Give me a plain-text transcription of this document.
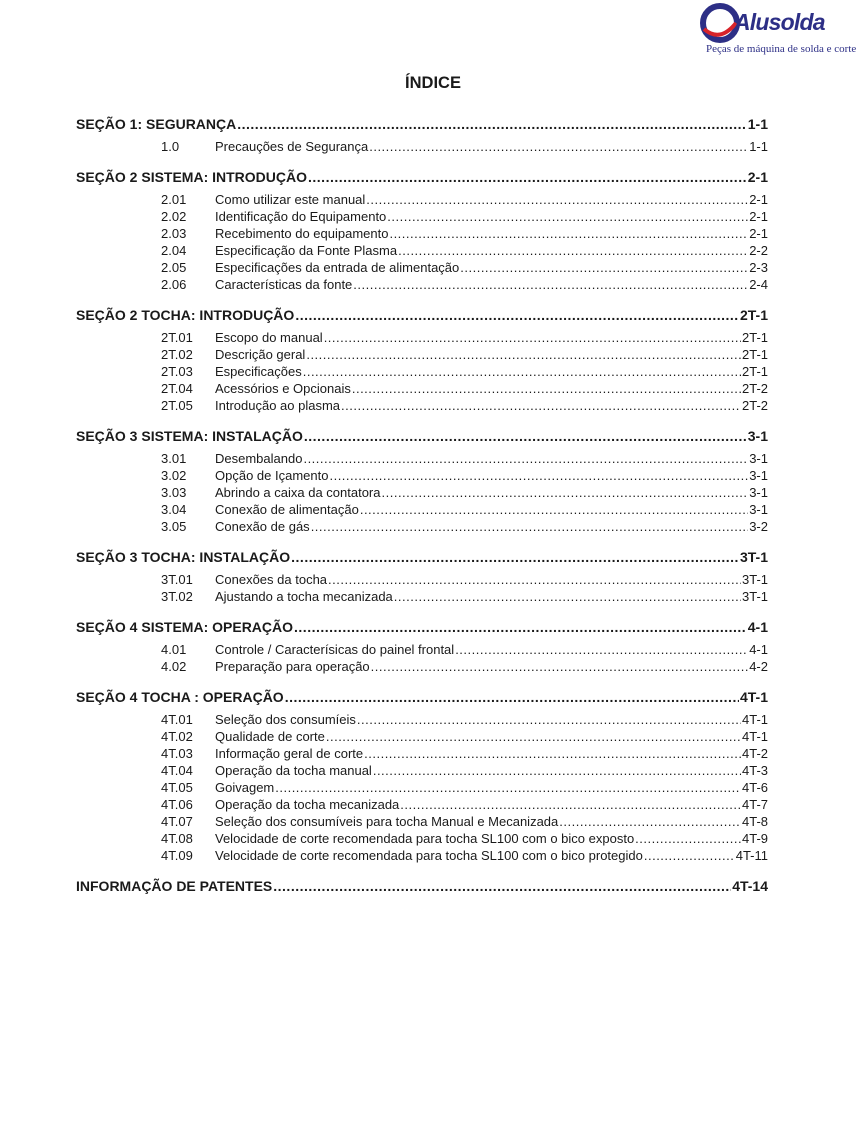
Alusolda
Peças de máquina de solda e corte
ÍNDICE
SEÇÃO 1: SEGURANÇA .....	1-1
1.0	Precauções de Segurança .....	1-1
SEÇÃO 2 SISTEMA: INTRODUÇÃO .....	2-1
2.01	Como utilizar este manual .....	2-1
2.02	Identificação do Equipamento .....	2-1
2.03	Recebimento do equipamento .....	2-1
2.04	Especificação da Fonte Plasma .....	2-2
2.05	Especificações da entrada de alimentação .....	2-3
2.06	Características da fonte .....	2-4
SEÇÃO 2 TOCHA: INTRODUÇÃO .....	2T-1
2T.01	Escopo do manual .....	2T-1
2T.02	Descrição geral .....	2T-1
2T.03	Especificações .....	2T-1
2T.04	Acessórios e Opcionais .....	2T-2
2T.05	Introdução ao plasma .....	2T-2
SEÇÃO 3 SISTEMA: INSTALAÇÃO .....	3-1
3.01	Desembalando .....	3-1
3.02	Opção de Içamento .....	3-1
3.03	Abrindo a caixa da contatora .....	3-1
3.04	Conexão de alimentação .....	3-1
3.05	Conexão de gás .....	3-2
SEÇÃO 3 TOCHA: INSTALAÇÃO .....	3T-1
3T.01	Conexões da tocha .....	3T-1
3T.02	Ajustando a tocha mecanizada .....	3T-1
SEÇÃO 4 SISTEMA: OPERAÇÃO .....	4-1
4.01	Controle / Caracterísicas do painel frontal .....	4-1
4.02	Preparação para operação .....	4-2
SEÇÃO 4 TOCHA : OPERAÇÃO .....	4T-1
4T.01	Seleção dos consumíeis .....	4T-1
4T.02	Qualidade de corte .....	4T-1
4T.03	Informação geral de corte .....	4T-2
4T.04	Operação da tocha manual .....	4T-3
4T.05	Goivagem .....	4T-6
4T.06	Operação da tocha mecanizada .....	4T-7
4T.07	Seleção dos consumíveis para tocha Manual e Mecanizada .....	4T-8
4T.08	Velocidade de corte recomendada para tocha SL100 com o bico exposto .....	4T-9
4T.09	Velocidade de corte recomendada para tocha SL100 com o bico protegido .....	4T-11
INFORMAÇÃO DE PATENTES .....	4T-14
